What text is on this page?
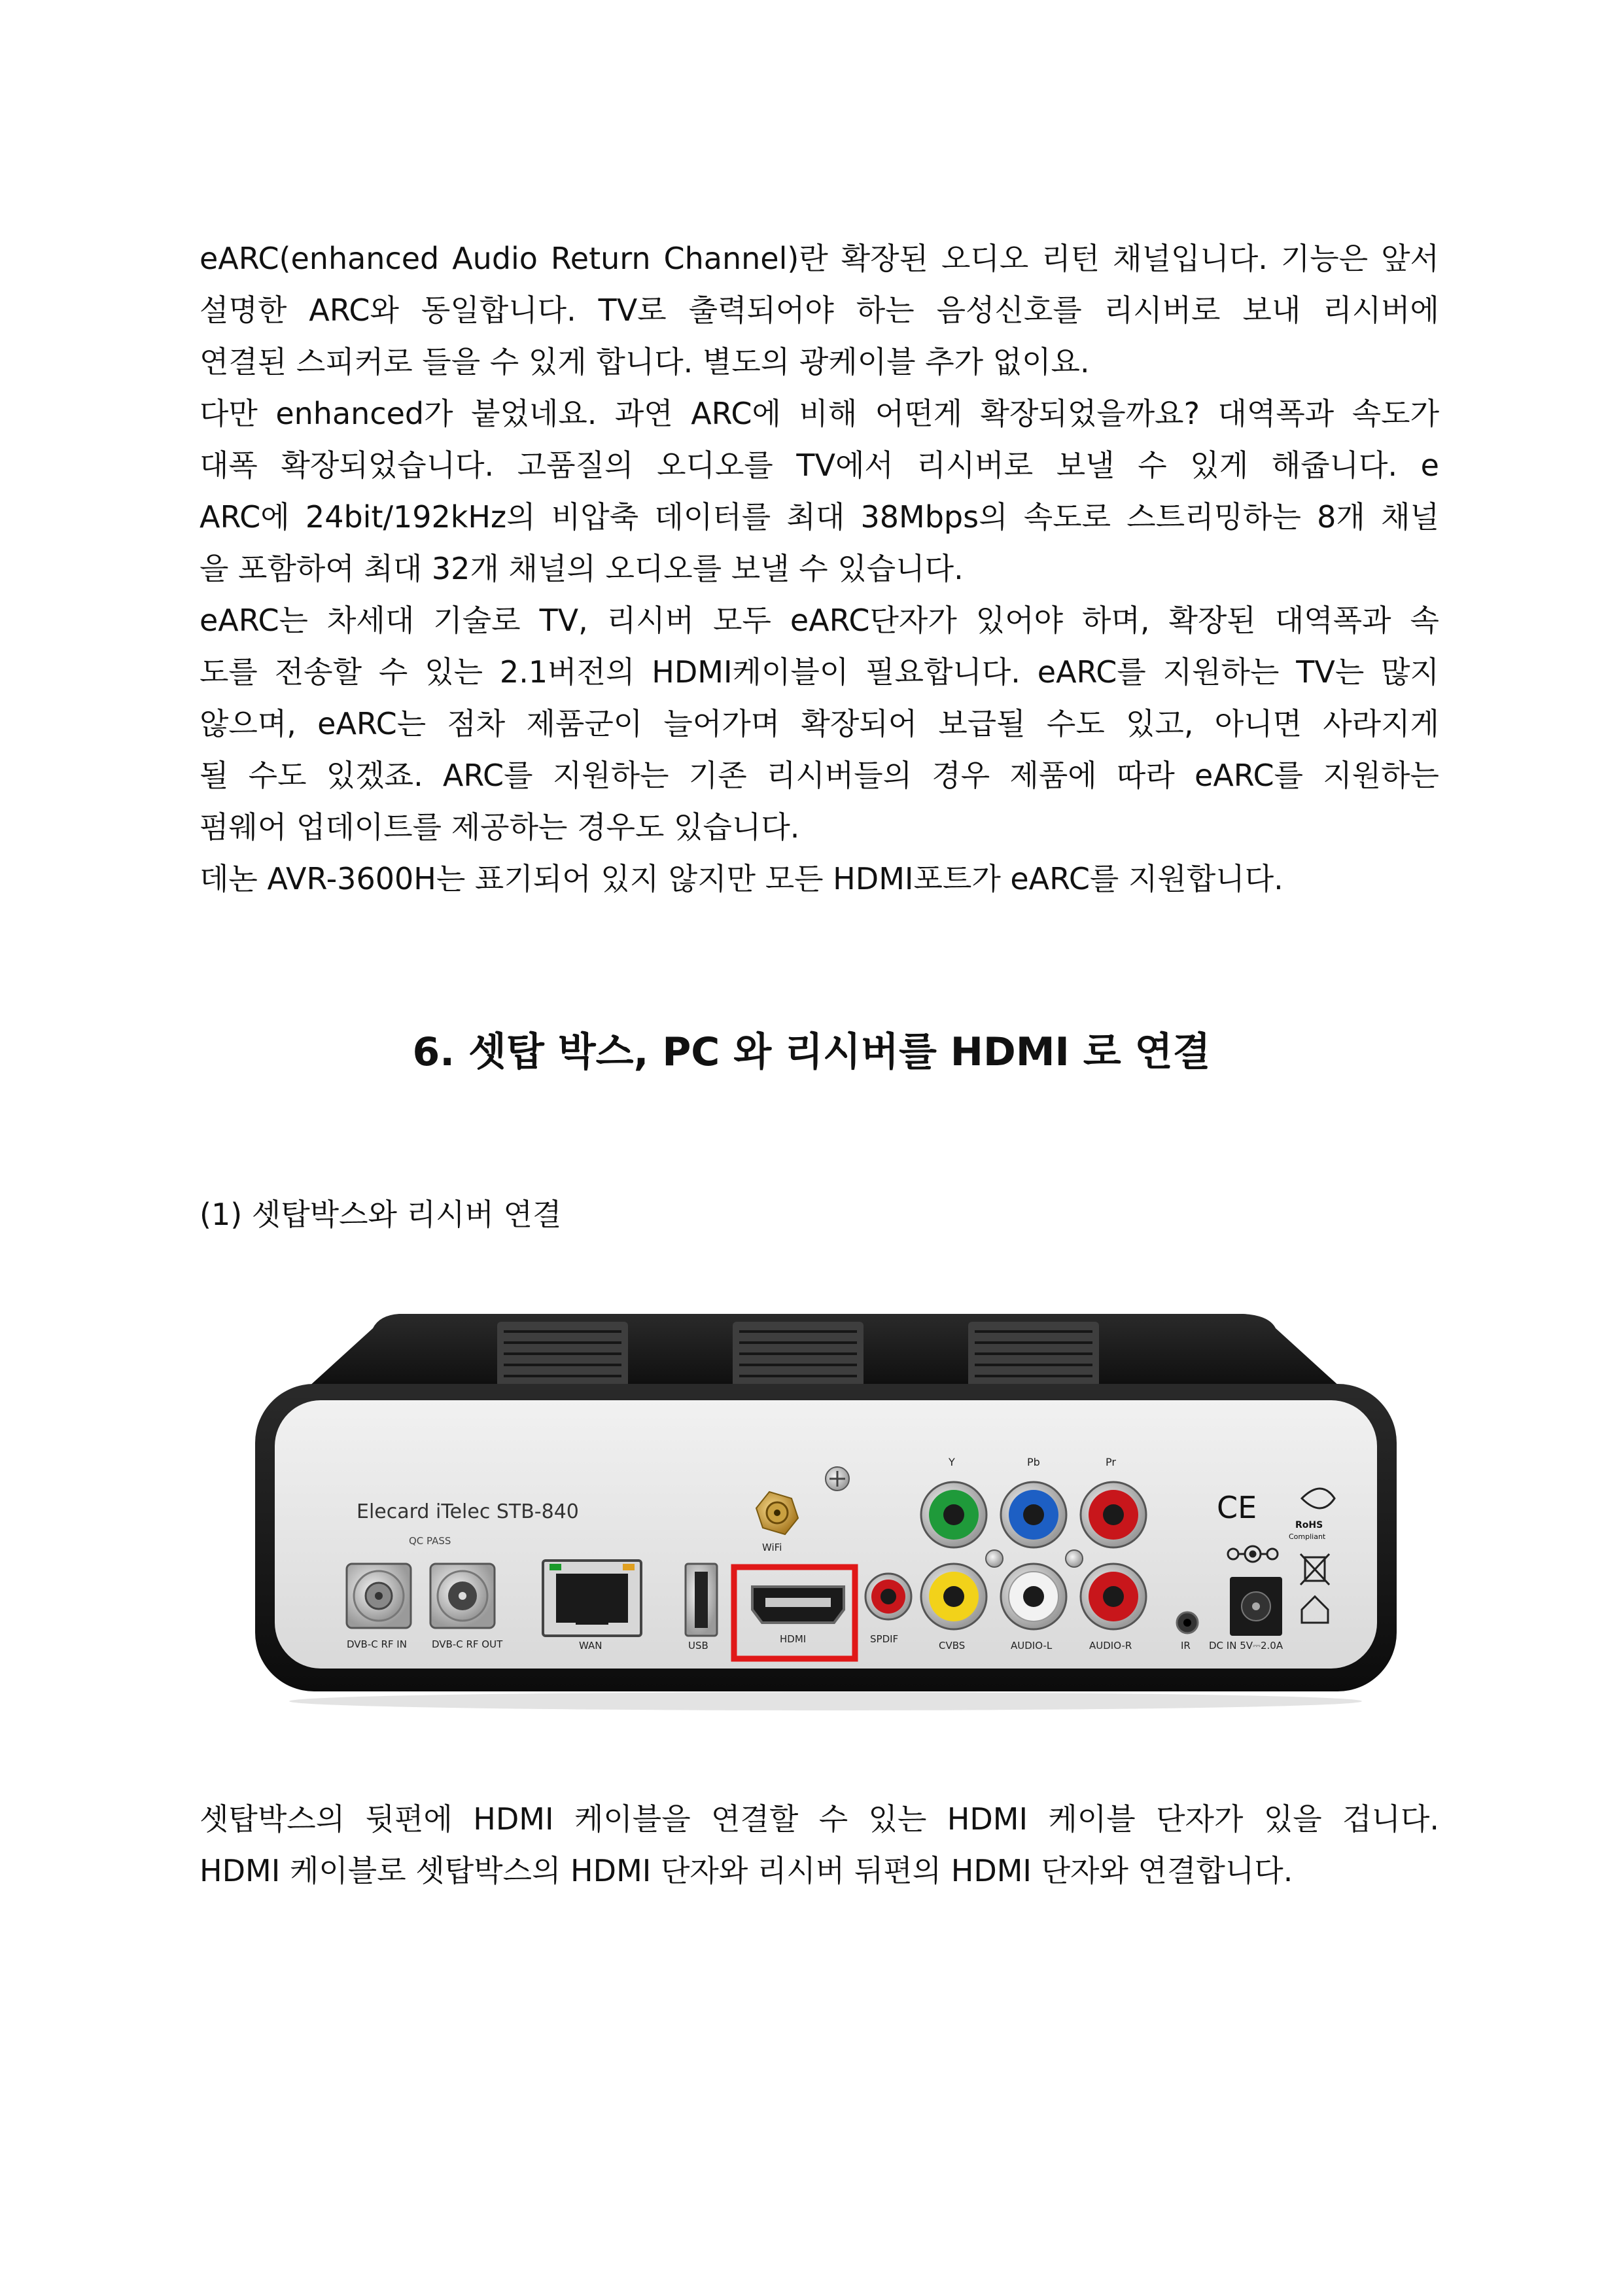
eARC(enhanced Audio Return Channel)란 확장된 오디오 리턴 채널입니다. 기능은 앞서
설명한 ARC와 동일합니다. TV로 출력되어야 하는 음성신호를 리시버로 보내 리시버에
연결된 스피커로 들을 수 있게 합니다. 별도의 광케이블 추가 없이요.
다만 enhanced가 붙었네요. 과연 ARC에 비해 어떤게 확장되었을까요? 대역폭과 속도가
대폭 확장되었습니다. 고품질의 오디오를 TV에서 리시버로 보낼 수 있게 해줍니다. e
ARC에 24bit/192kHz의 비압축 데이터를 최대 38Mbps의 속도로 스트리밍하는 8개 채널
을 포함하여 최대 32개 채널의 오디오를 보낼 수 있습니다.
eARC는 차세대 기술로 TV, 리시버 모두 eARC단자가 있어야 하며, 확장된 대역폭과 속
도를 전송할 수 있는 2.1버전의 HDMI케이블이 필요합니다. eARC를 지원하는 TV는 많지
않으며, eARC는 점차 제품군이 늘어가며 확장되어 보급될 수도 있고, 아니면 사라지게
될 수도 있겠죠. ARC를 지원하는 기존 리시버들의 경우 제품에 따라 eARC를 지원하는
펌웨어 업데이트를 제공하는 경우도 있습니다.
데논 AVR-3600H는 표기되어 있지 않지만 모든 HDMI포트가 eARC를 지원합니다.
6. 셋탑 박스, PC 와 리시버를 HDMI 로 연결
(1) 셋탑박스와 리시버 연결
Elecard iTelec STB-840
QC PASS
DVB-C RF IN	DVB-C RF OUT	WAN	USB
WiFi
HDMI	SPDIF
Y	Pb	Pr
CVBS	AUDIO-L	AUDIO-R	IR DC IN 5V⎓2.0A
CE	RoHS
Compliant
셋탑박스의 뒷편에 HDMI 케이블을 연결할 수 있는 HDMI 케이블 단자가 있을 겁니다.
HDMI 케이블로 셋탑박스의 HDMI 단자와 리시버 뒤편의 HDMI 단자와 연결합니다.
